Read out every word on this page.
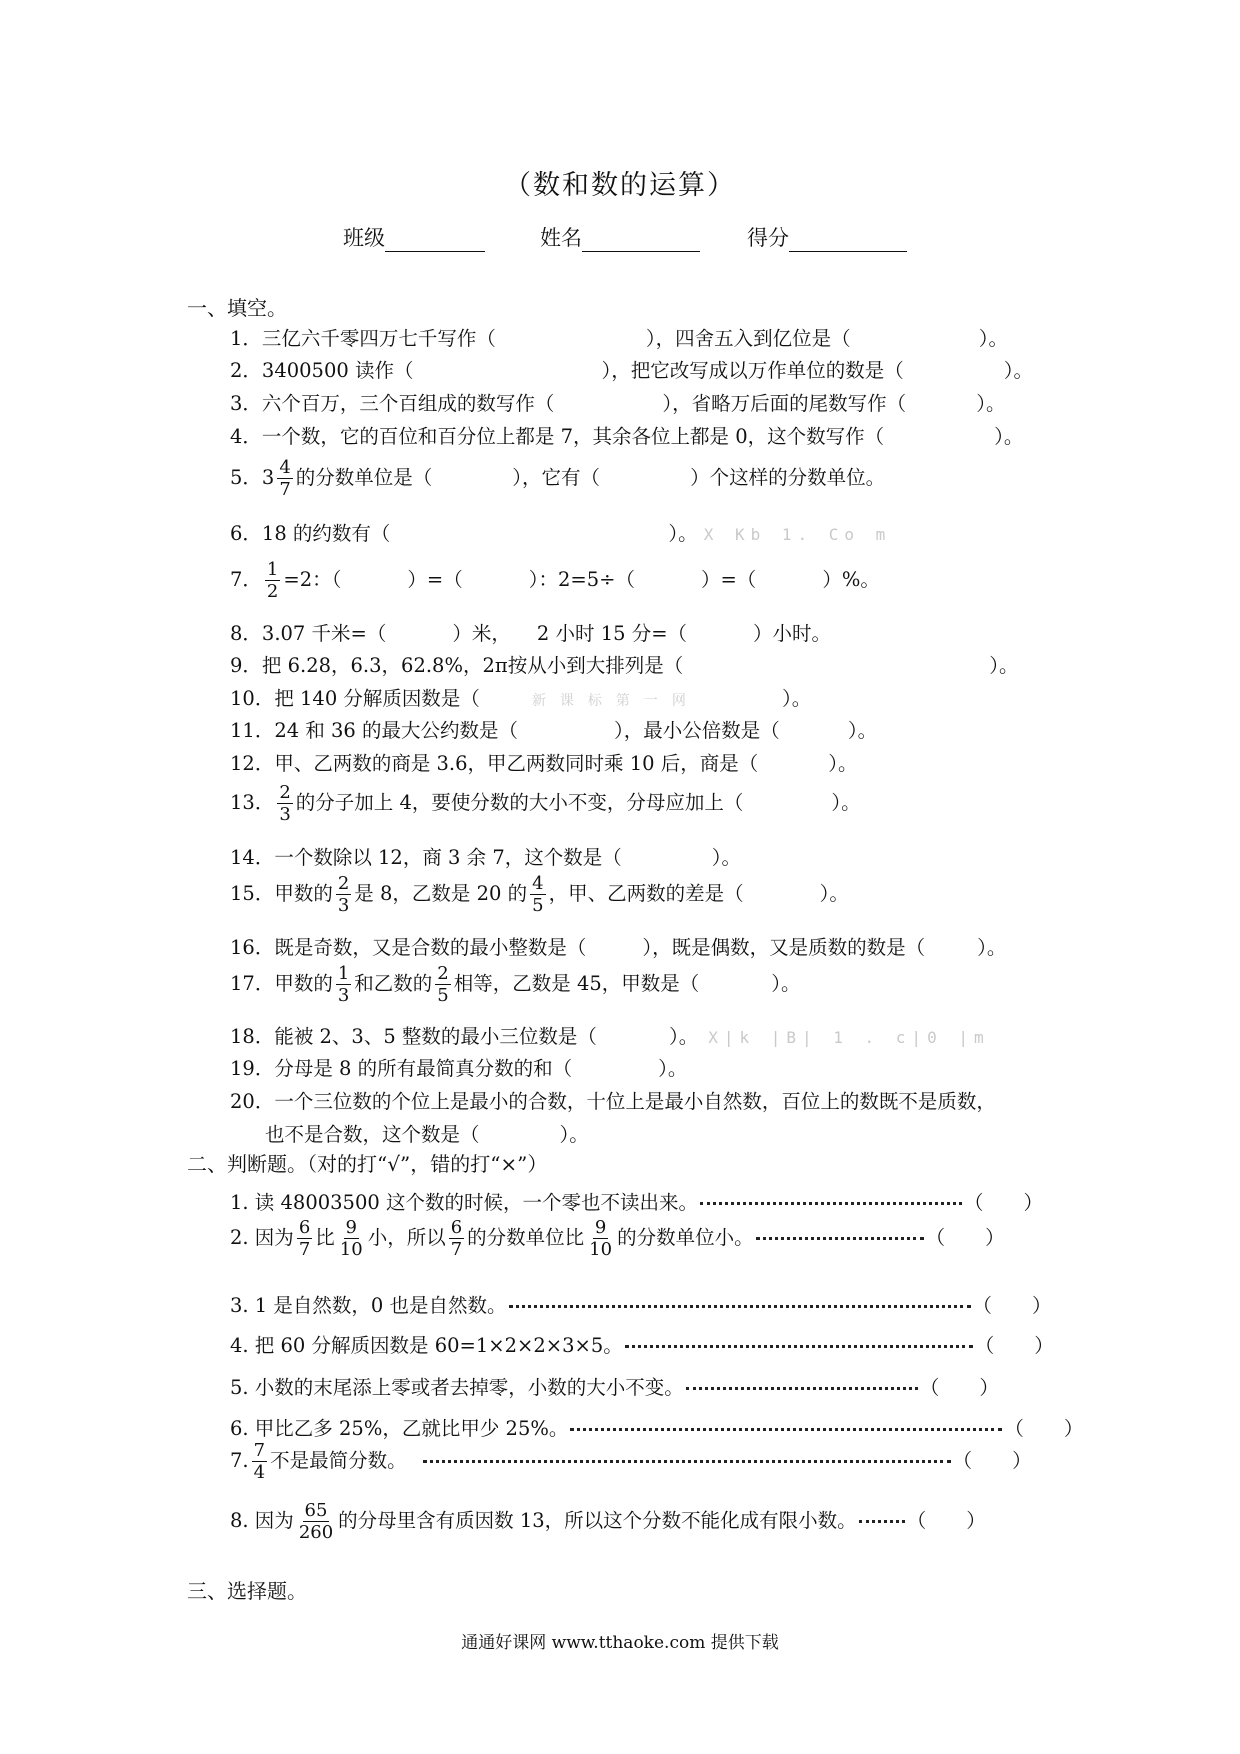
（数和数的运算）
班级	姓名	得分
一、填空。
1．三亿六千零四万七千写作（	），四舍五入到亿位是（	）。
2．3400500 读作（	），把它改写成以万作单位的数是（	）。
3．六个百万，三个百组成的数写作（	），省略万后面的尾数写作（	）。
4．一个数，它的百位和百分位上都是 7，其余各位上都是 0，这个数写作（	）。
5．$3 \frac{4}{7}$ 的分数单位是（	），它有（	）个这样的分数单位。
6．18 的约数有（	）。 X Kb 1. Co m
7． $\frac{1}{2} =2$：（	）=（	）：2=5÷（	）=（	）%。
8．3.07 千米=（	）米， 2 小时 15 分=（	）小时。
9．把 6.28，6.3，62.8%，2π按从小到大排列是（	）。
10．把 140 分解质因数是（	新课标第一网	）。
11．24 和 36 的最大公约数是（	），最小公倍数是（	）。
12．甲、乙两数的商是 3.6，甲乙两数同时乘 10 后，商是（	）。
13． $\frac{2}{3}$ 的分子加上 4，要使分数的大小不变，分母应加上（	）。
14．一个数除以 12，商 3 余 7，这个数是（	）。
15．甲数的 $\frac{2}{3}$ 是 8，乙数是 20 的 $\frac{4}{5}$ ，甲、乙两数的差是（	）。
16．既是奇数，又是合数的最小整数是（	），既是偶数，又是质数的数是（	）。
17．甲数的 $\frac{1}{3}$ 和乙数的 $\frac{2}{5}$ 相等，乙数是 45，甲数是（	）。
18．能被 2、3、5 整数的最小三位数是（	）。 X|k |B| 1 . c|0 |m
19．分母是 8 的所有最简真分数的和（	）。
20．一个三位数的个位上是最小的合数，十位上是最小自然数，百位上的数既不是质数，
也不是合数，这个数是（	）。
二、判断题。（对的打“√”，错的打“×”）
1. 读 48003500 这个数的时候，一个零也不读出来。	（ ）
2. 因为 $\frac{6}{7}$ 比 $\frac{9}{10}$ 小，所以 $\frac{6}{7}$ 的分数单位比 $\frac{9}{10}$ 的分数单位小。	（ ）
3. 1 是自然数，0 也是自然数。	（ ）
4. 把 60 分解质因数是 60=1×2×2×3×5。	（ ）
5. 小数的末尾添上零或者去掉零，小数的大小不变。	（ ）
6. 甲比乙多 25%，乙就比甲少 25%。	（ ）
7. $\frac{7}{4}$ 不是最简分数。	（ ）
8. 因为 $\frac{65}{260}$ 的分母里含有质因数 13，所以这个分数不能化成有限小数。	（ ）
三、选择题。
通通好课网 www.tthaoke.com 提供下载
